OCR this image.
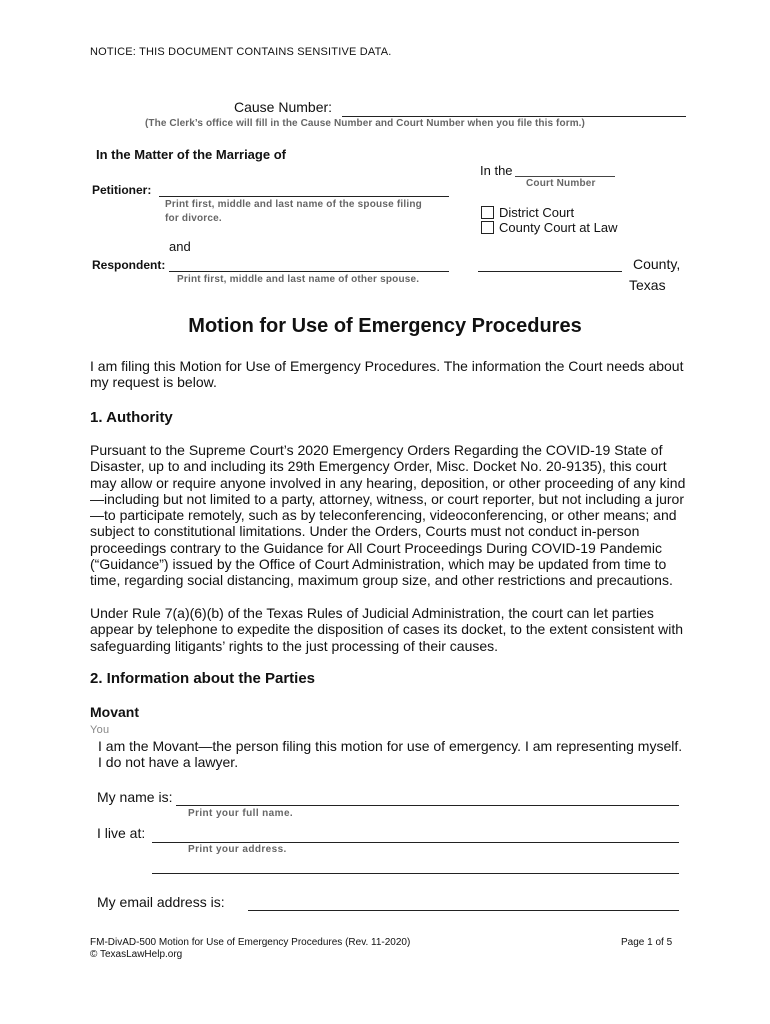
NOTICE: THIS DOCUMENT CONTAINS SENSITIVE DATA.
Cause Number:
(The Clerk’s office will fill in the Cause Number and Court Number when you file this form.)
In the Matter of the Marriage of
In the
Court Number
Petitioner:
Print first, middle and last name of the spouse filing for divorce.	District Court
County Court at Law
and
Respondent:
Print first, middle and last name of other spouse.
County,
Texas
Motion for Use of Emergency Procedures
I am filing this Motion for Use of Emergency Procedures. The information the Court needs about my request is below.
1. Authority
Pursuant to the Supreme Court’s 2020 Emergency Orders Regarding the COVID-19 State of Disaster, up to and including its 29th Emergency Order, Misc. Docket No. 20-9135), this court may allow or require anyone involved in any hearing, deposition, or other proceeding of any kind—including but not limited to a party, attorney, witness, or court reporter, but not including a juror—to participate remotely, such as by teleconferencing, videoconferencing, or other means; and subject to constitutional limitations. Under the Orders, Courts must not conduct in-person proceedings contrary to the Guidance for All Court Proceedings During COVID-19 Pandemic (“Guidance”) issued by the Office of Court Administration, which may be updated from time to time, regarding social distancing, maximum group size, and other restrictions and precautions.
Under Rule 7(a)(6)(b) of the Texas Rules of Judicial Administration, the court can let parties appear by telephone to expedite the disposition of cases its docket, to the extent consistent with safeguarding litigants’ rights to the just processing of their causes.
2. Information about the Parties
Movant
You
I am the Movant—the person filing this motion for use of emergency. I am representing myself. I do not have a lawyer.
My name is:
Print your full name.
I live at:
Print your address.
My email address is:
FM-DivAD-500 Motion for Use of Emergency Procedures (Rev. 11-2020)
© TexasLawHelp.org
Page 1 of 5
